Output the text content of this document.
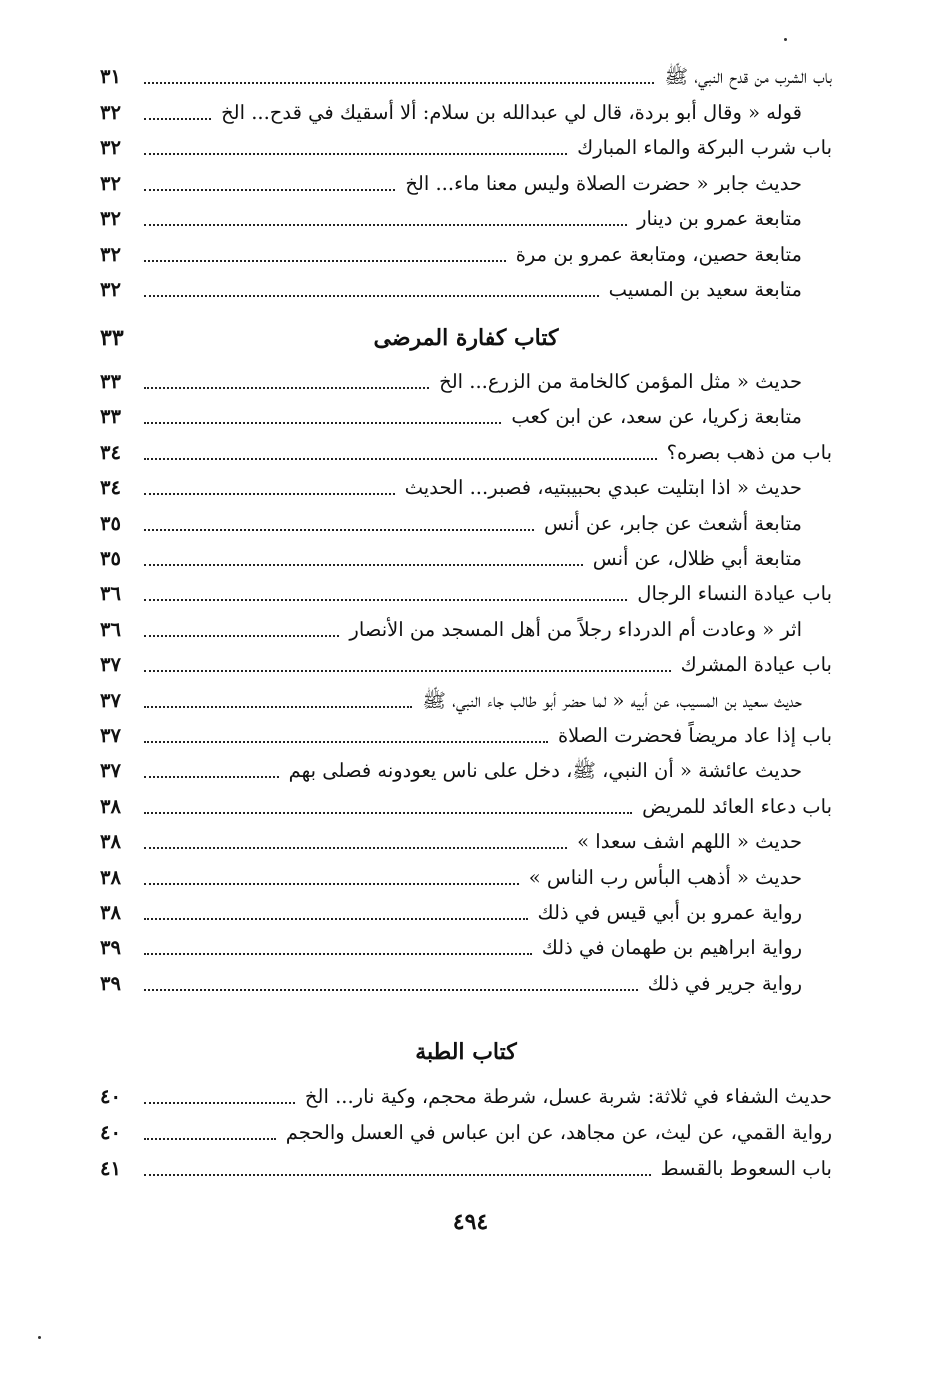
باب الشرب من قدح النبي، ﷺ
٣١
قوله « وقال أبو بردة، قال لي عبدالله بن سلام: ألا أسقيك في قدح... الخ
٣٢
باب شرب البركة والماء المبارك
٣٢
حديث جابر « حضرت الصلاة وليس معنا ماء... الخ
٣٢
متابعة عمرو بن دينار
٣٢
متابعة حصين، ومتابعة عمرو بن مرة
٣٢
متابعة سعيد بن المسيب
٣٢
كتاب كفارة المرضى
٣٣
حديث « مثل المؤمن كالخامة من الزرع... الخ
٣٣
متابعة زكريا، عن سعد، عن ابن كعب
٣٣
باب من ذهب بصره؟
٣٤
حديث « اذا ابتليت عبدي بحبيبتيه، فصبر... الحديث
٣٤
متابعة أشعث عن جابر، عن أنس
٣٥
متابعة أبي ظلال، عن أنس
٣٥
باب عيادة النساء الرجال
٣٦
اثر « وعادت أم الدرداء رجلاً من أهل المسجد من الأنصار
٣٦
باب عيادة المشرك
٣٧
حديث سعيد بن المسيب، عن أبيه « لما حضر أبو طالب جاء النبي، ﷺ
٣٧
باب إذا عاد مريضاً فحضرت الصلاة
٣٧
حديث عائشة « أن النبي، ﷺ، دخل على ناس يعودونه فصلى بهم
٣٧
باب دعاء العائد للمريض
٣٨
حديث « اللهم اشف سعدا »
٣٨
حديث « أذهب البأس رب الناس »
٣٨
رواية عمرو بن أبي قيس في ذلك
٣٨
رواية ابراهيم بن طهمان في ذلك
٣٩
رواية جرير في ذلك
٣٩
كتاب الطبة
حديث الشفاء في ثلاثة: شربة عسل، شرطة محجم، وكية نار... الخ
٤٠
رواية القمي، عن ليث، عن مجاهد، عن ابن عباس في العسل والحجم
٤٠
باب السعوط بالقسط
٤١
٤٩٤
